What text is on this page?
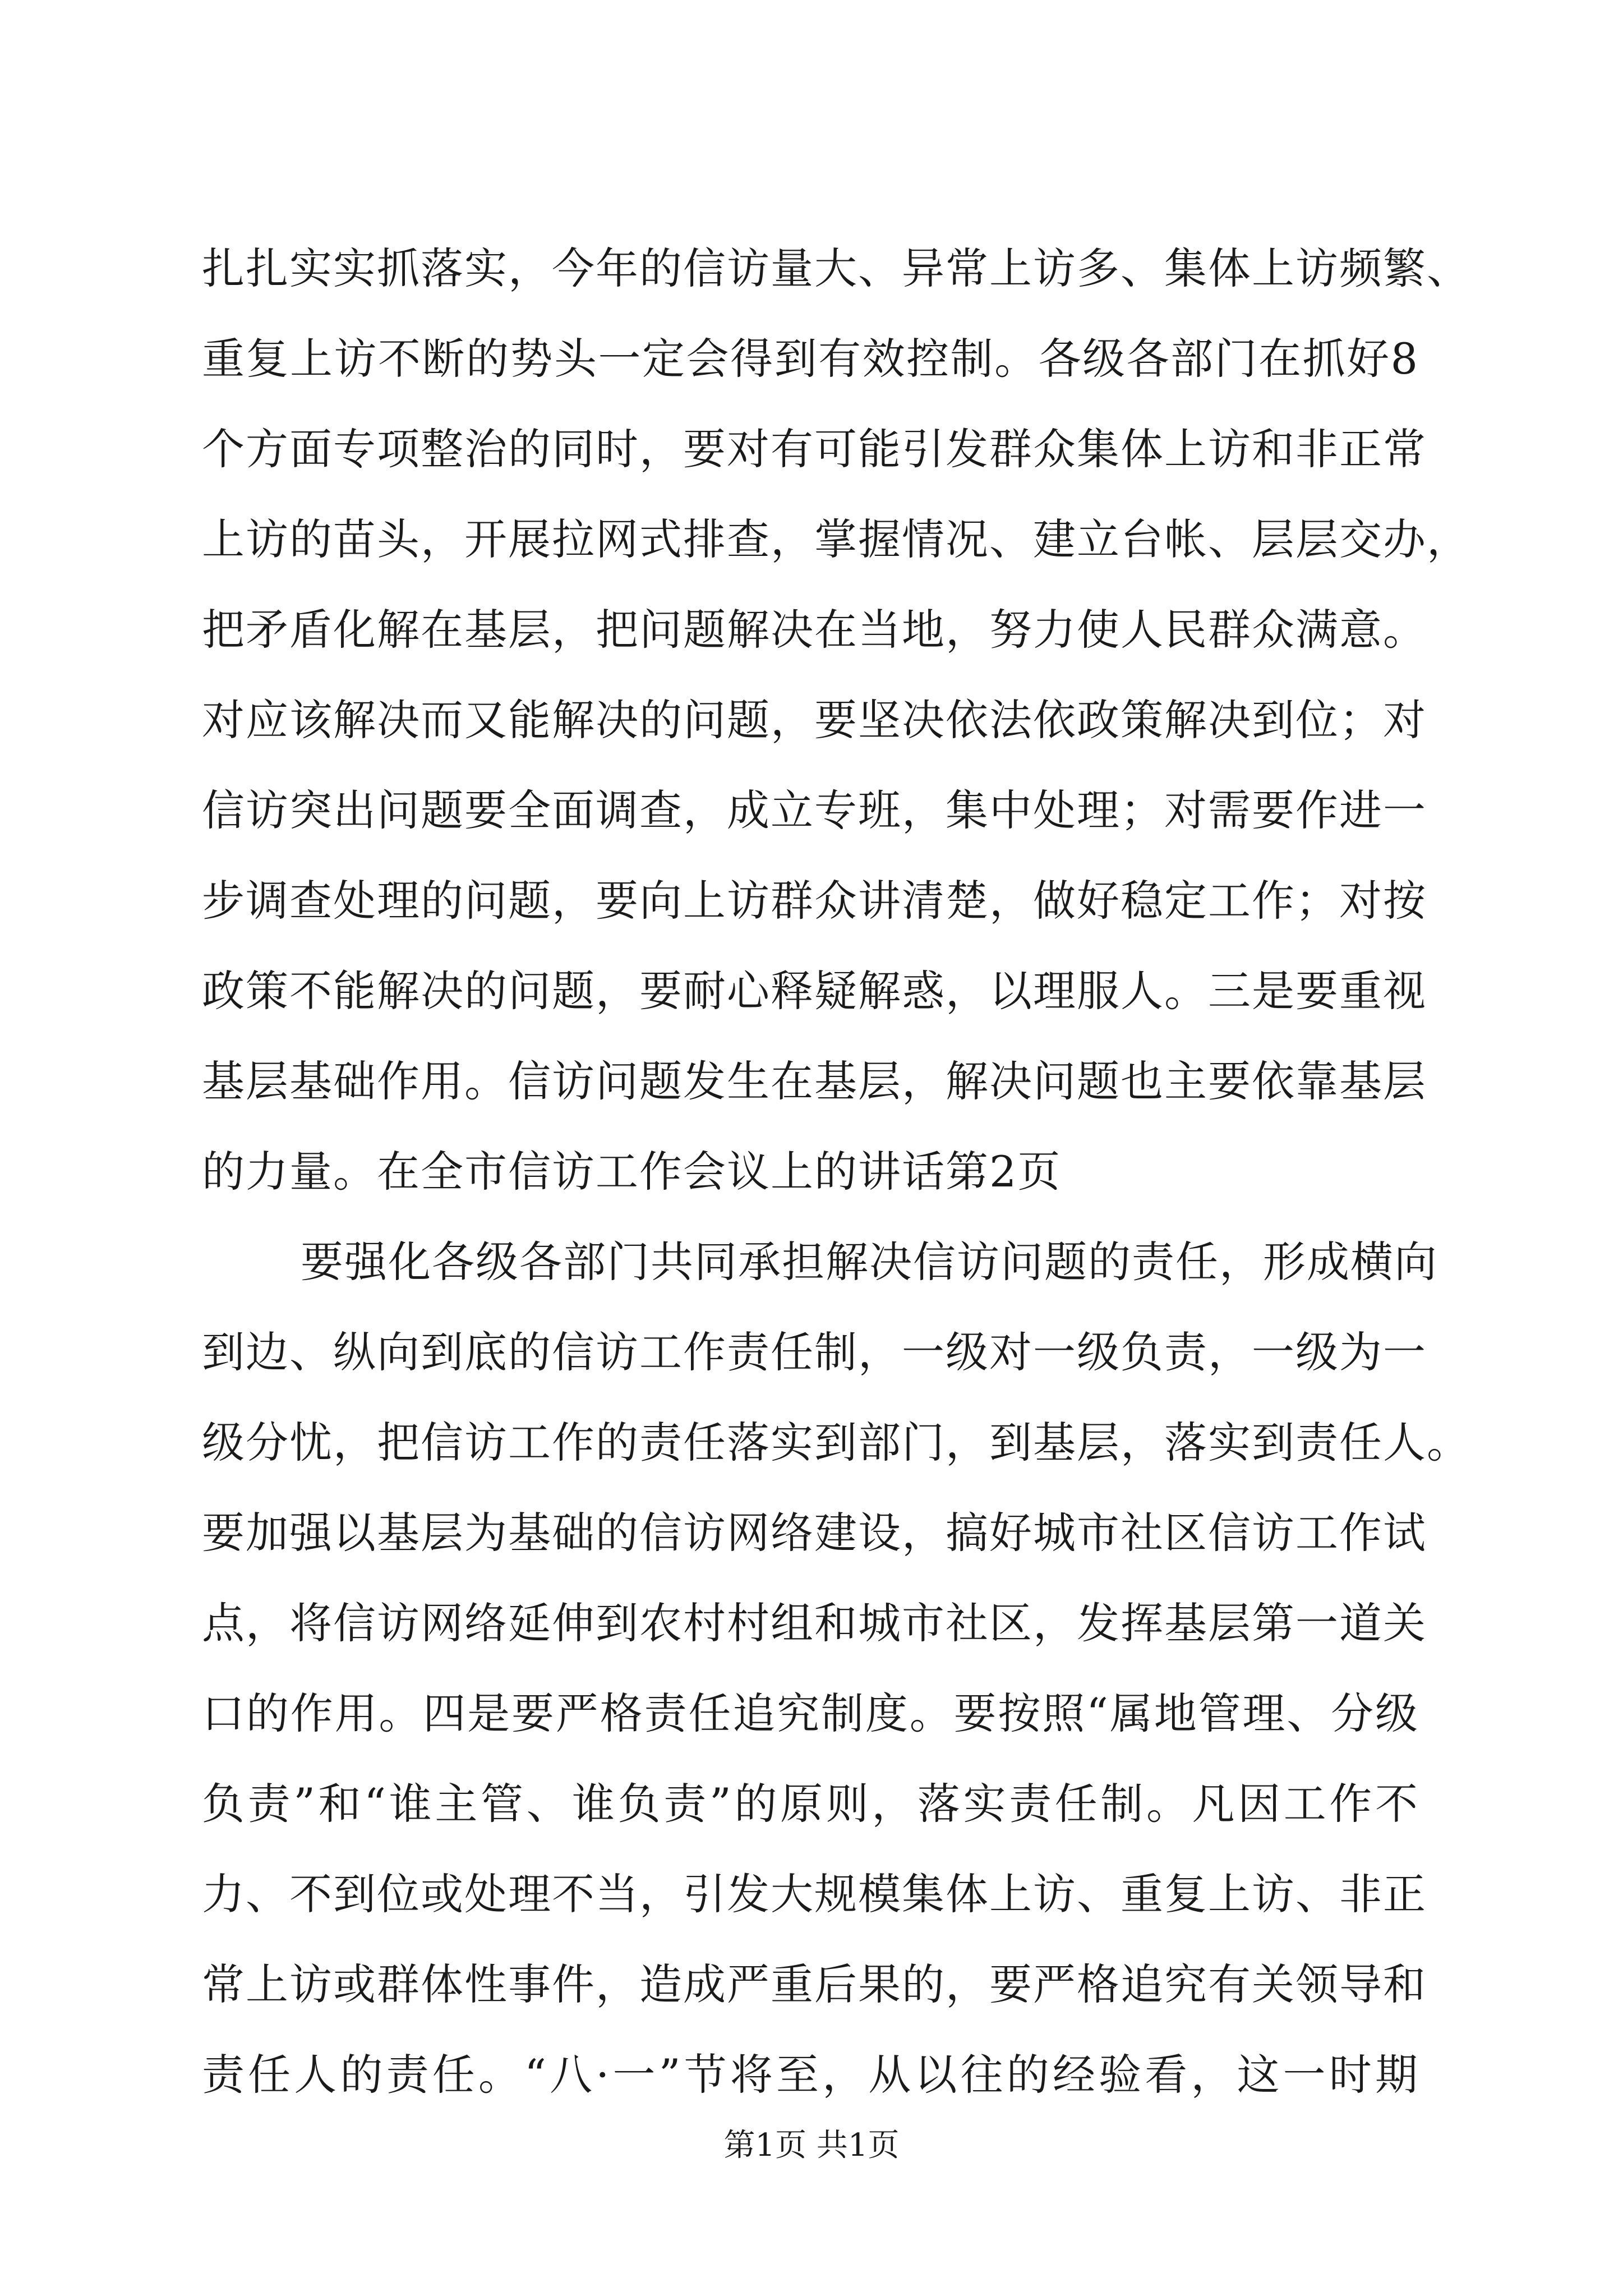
扎扎实实抓落实，今年的信访量大、异常上访多、集体上访频繁、
重复上访不断的势头一定会得到有效控制。各级各部门在抓好8
个方面专项整治的同时，要对有可能引发群众集体上访和非正常
上访的苗头，开展拉网式排查，掌握情况、建立台帐、层层交办，
把矛盾化解在基层，把问题解决在当地，努力使人民群众满意。
对应该解决而又能解决的问题，要坚决依法依政策解决到位；对
信访突出问题要全面调查，成立专班，集中处理；对需要作进一
步调查处理的问题，要向上访群众讲清楚，做好稳定工作；对按
政策不能解决的问题，要耐心释疑解惑，以理服人。三是要重视
基层基础作用。信访问题发生在基层，解决问题也主要依靠基层
的力量。在全市信访工作会议上的讲话第2页
要强化各级各部门共同承担解决信访问题的责任，形成横向
到边、纵向到底的信访工作责任制，一级对一级负责，一级为一
级分忧，把信访工作的责任落实到部门，到基层，落实到责任人。
要加强以基层为基础的信访网络建设，搞好城市社区信访工作试
点，将信访网络延伸到农村村组和城市社区，发挥基层第一道关
口的作用。四是要严格责任追究制度。要按照“属地管理、分级
负责”和“谁主管、谁负责”的原则，落实责任制。凡因工作不
力、不到位或处理不当，引发大规模集体上访、重复上访、非正
常上访或群体性事件，造成严重后果的，要严格追究有关领导和
责任人的责任。“八·一”节将至，从以往的经验看，这一时期
第1页 共1页
